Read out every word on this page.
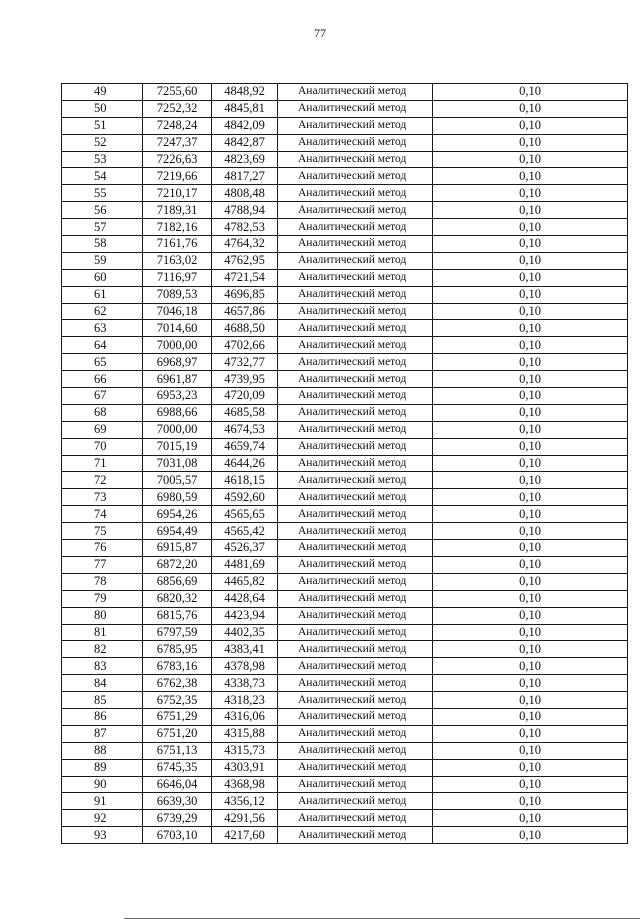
77
49	7255,60	4848,92	Аналитический метод	0,10
50	7252,32	4845,81	Аналитический метод	0,10
51	7248,24	4842,09	Аналитический метод	0,10
52	7247,37	4842,87	Аналитический метод	0,10
53	7226,63	4823,69	Аналитический метод	0,10
54	7219,66	4817,27	Аналитический метод	0,10
55	7210,17	4808,48	Аналитический метод	0,10
56	7189,31	4788,94	Аналитический метод	0,10
57	7182,16	4782,53	Аналитический метод	0,10
58	7161,76	4764,32	Аналитический метод	0,10
59	7163,02	4762,95	Аналитический метод	0,10
60	7116,97	4721,54	Аналитический метод	0,10
61	7089,53	4696,85	Аналитический метод	0,10
62	7046,18	4657,86	Аналитический метод	0,10
63	7014,60	4688,50	Аналитический метод	0,10
64	7000,00	4702,66	Аналитический метод	0,10
65	6968,97	4732,77	Аналитический метод	0,10
66	6961,87	4739,95	Аналитический метод	0,10
67	6953,23	4720,09	Аналитический метод	0,10
68	6988,66	4685,58	Аналитический метод	0,10
69	7000,00	4674,53	Аналитический метод	0,10
70	7015,19	4659,74	Аналитический метод	0,10
71	7031,08	4644,26	Аналитический метод	0,10
72	7005,57	4618,15	Аналитический метод	0,10
73	6980,59	4592,60	Аналитический метод	0,10
74	6954,26	4565,65	Аналитический метод	0,10
75	6954,49	4565,42	Аналитический метод	0,10
76	6915,87	4526,37	Аналитический метод	0,10
77	6872,20	4481,69	Аналитический метод	0,10
78	6856,69	4465,82	Аналитический метод	0,10
79	6820,32	4428,64	Аналитический метод	0,10
80	6815,76	4423,94	Аналитический метод	0,10
81	6797,59	4402,35	Аналитический метод	0,10
82	6785,95	4383,41	Аналитический метод	0,10
83	6783,16	4378,98	Аналитический метод	0,10
84	6762,38	4338,73	Аналитический метод	0,10
85	6752,35	4318,23	Аналитический метод	0,10
86	6751,29	4316,06	Аналитический метод	0,10
87	6751,20	4315,88	Аналитический метод	0,10
88	6751,13	4315,73	Аналитический метод	0,10
89	6745,35	4303,91	Аналитический метод	0,10
90	6646,04	4368,98	Аналитический метод	0,10
91	6639,30	4356,12	Аналитический метод	0,10
92	6739,29	4291,56	Аналитический метод	0,10
93	6703,10	4217,60	Аналитический метод	0,10
